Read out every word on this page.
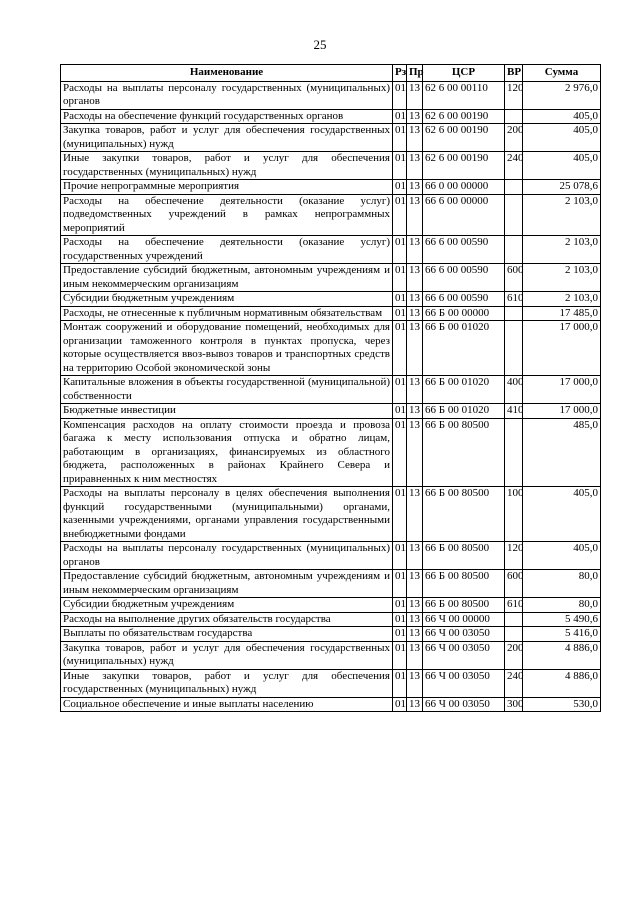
25
Наименование	Рз	Пр	ЦСР	ВР	Сумма
Расходы на выплаты персоналу государственных (муниципальных) органов	01	13	62 6 00 00110	120	2 976,0
Расходы на обеспечение функций государственных органов	01	13	62 6 00 00190		405,0
Закупка товаров, работ и услуг для обеспечения государственных (муниципальных) нужд	01	13	62 6 00 00190	200	405,0
Иные закупки товаров, работ и услуг для обеспечения государственных (муниципальных) нужд	01	13	62 6 00 00190	240	405,0
Прочие непрограммные мероприятия	01	13	66 0 00 00000		25 078,6
Расходы на обеспечение деятельности (оказание услуг) подведомственных учреждений в рамках непрограммных мероприятий	01	13	66 6 00 00000		2 103,0
Расходы на обеспечение деятельности (оказание услуг) государственных учреждений	01	13	66 6 00 00590		2 103,0
Предоставление субсидий бюджетным, автономным учреждениям и иным некоммерческим организациям	01	13	66 6 00 00590	600	2 103,0
Субсидии бюджетным учреждениям	01	13	66 6 00 00590	610	2 103,0
Расходы, не отнесенные к публичным нормативным обязательствам	01	13	66 Б 00 00000		17 485,0
Монтаж сооружений и оборудование помещений, необходимых для организации таможенного контроля в пунктах пропуска, через которые осуществляется ввоз-вывоз товаров и транспортных средств на территорию Особой экономической зоны	01	13	66 Б 00 01020		17 000,0
Капитальные вложения в объекты государственной (муниципальной) собственности	01	13	66 Б 00 01020	400	17 000,0
Бюджетные инвестиции	01	13	66 Б 00 01020	410	17 000,0
Компенсация расходов на оплату стоимости проезда и провоза багажа к месту использования отпуска и обратно лицам, работающим в организациях, финансируемых из областного бюджета, расположенных в районах Крайнего Севера и приравненных к ним местностях	01	13	66 Б 00 80500		485,0
Расходы на выплаты персоналу в целях обеспечения выполнения функций государственными (муниципальными) органами, казенными учреждениями, органами управления государственными внебюджетными фондами	01	13	66 Б 00 80500	100	405,0
Расходы на выплаты персоналу государственных (муниципальных) органов	01	13	66 Б 00 80500	120	405,0
Предоставление субсидий бюджетным, автономным учреждениям и иным некоммерческим организациям	01	13	66 Б 00 80500	600	80,0
Субсидии бюджетным учреждениям	01	13	66 Б 00 80500	610	80,0
Расходы на выполнение других обязательств государства	01	13	66 Ч 00 00000		5 490,6
Выплаты по обязательствам государства	01	13	66 Ч 00 03050		5 416,0
Закупка товаров, работ и услуг для обеспечения государственных (муниципальных) нужд	01	13	66 Ч 00 03050	200	4 886,0
Иные закупки товаров, работ и услуг для обеспечения государственных (муниципальных) нужд	01	13	66 Ч 00 03050	240	4 886,0
Социальное обеспечение и иные выплаты населению	01	13	66 Ч 00 03050	300	530,0
